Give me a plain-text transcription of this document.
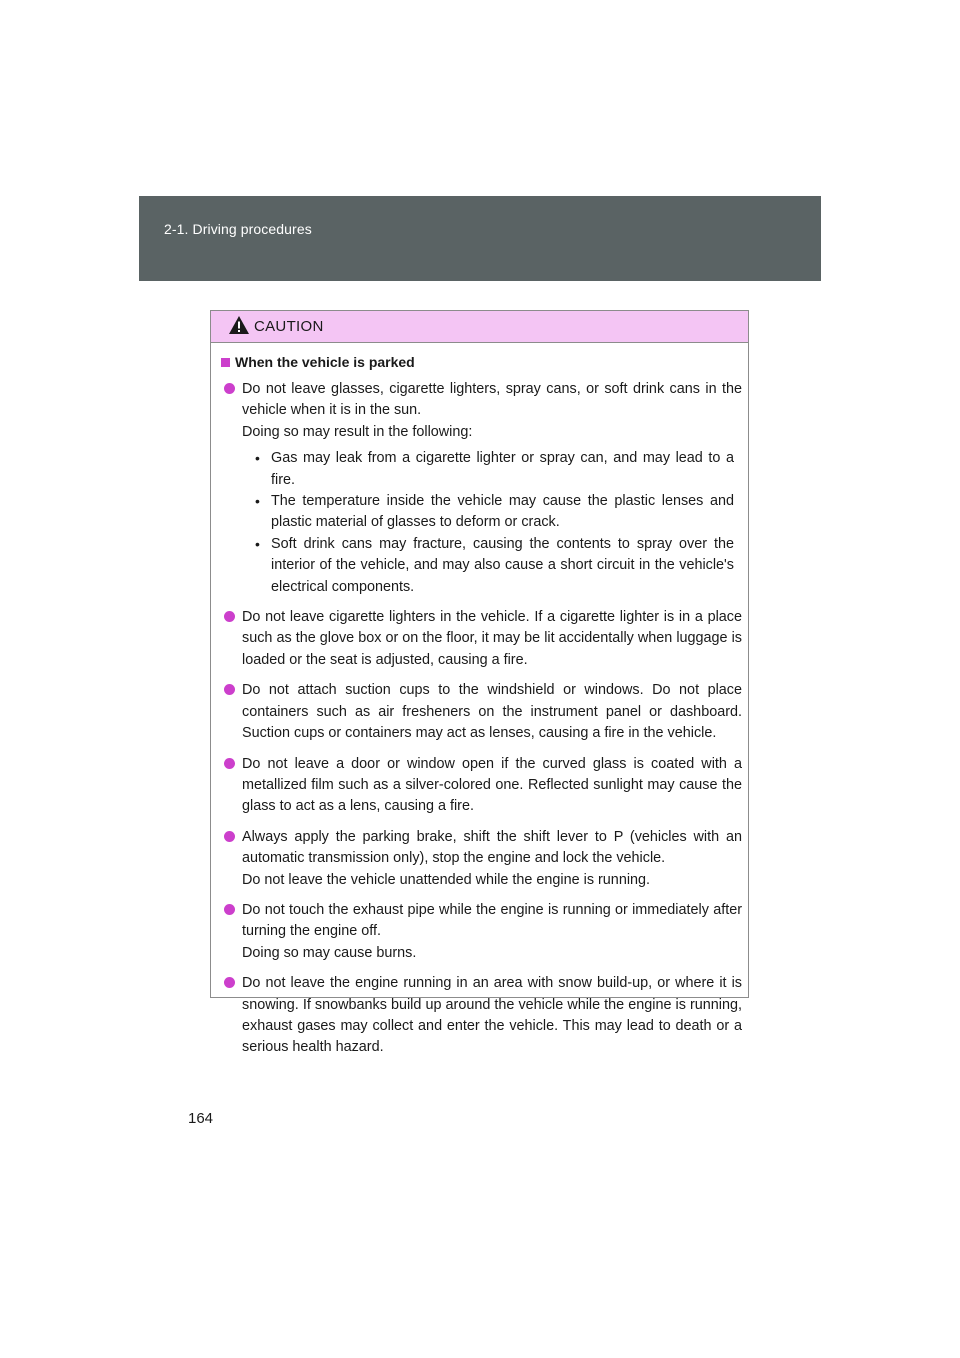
2-1. Driving procedures
CAUTION
When the vehicle is parked
Do not leave glasses, cigarette lighters, spray cans, or soft drink cans in the vehicle when it is in the sun.
Doing so may result in the following:
• Gas may leak from a cigarette lighter or spray can, and may lead to a fire.
• The temperature inside the vehicle may cause the plastic lenses and plastic material of glasses to deform or crack.
• Soft drink cans may fracture, causing the contents to spray over the interior of the vehicle, and may also cause a short circuit in the vehicle's electrical components.
Do not leave cigarette lighters in the vehicle. If a cigarette lighter is in a place such as the glove box or on the floor, it may be lit accidentally when luggage is loaded or the seat is adjusted, causing a fire.
Do not attach suction cups to the windshield or windows. Do not place containers such as air fresheners on the instrument panel or dashboard. Suction cups or containers may act as lenses, causing a fire in the vehicle.
Do not leave a door or window open if the curved glass is coated with a metallized film such as a silver-colored one. Reflected sunlight may cause the glass to act as a lens, causing a fire.
Always apply the parking brake, shift the shift lever to P (vehicles with an automatic transmission only), stop the engine and lock the vehicle.
Do not leave the vehicle unattended while the engine is running.
Do not touch the exhaust pipe while the engine is running or immediately after turning the engine off.
Doing so may cause burns.
Do not leave the engine running in an area with snow build-up, or where it is snowing. If snowbanks build up around the vehicle while the engine is running, exhaust gases may collect and enter the vehicle. This may lead to death or a serious health hazard.
164
